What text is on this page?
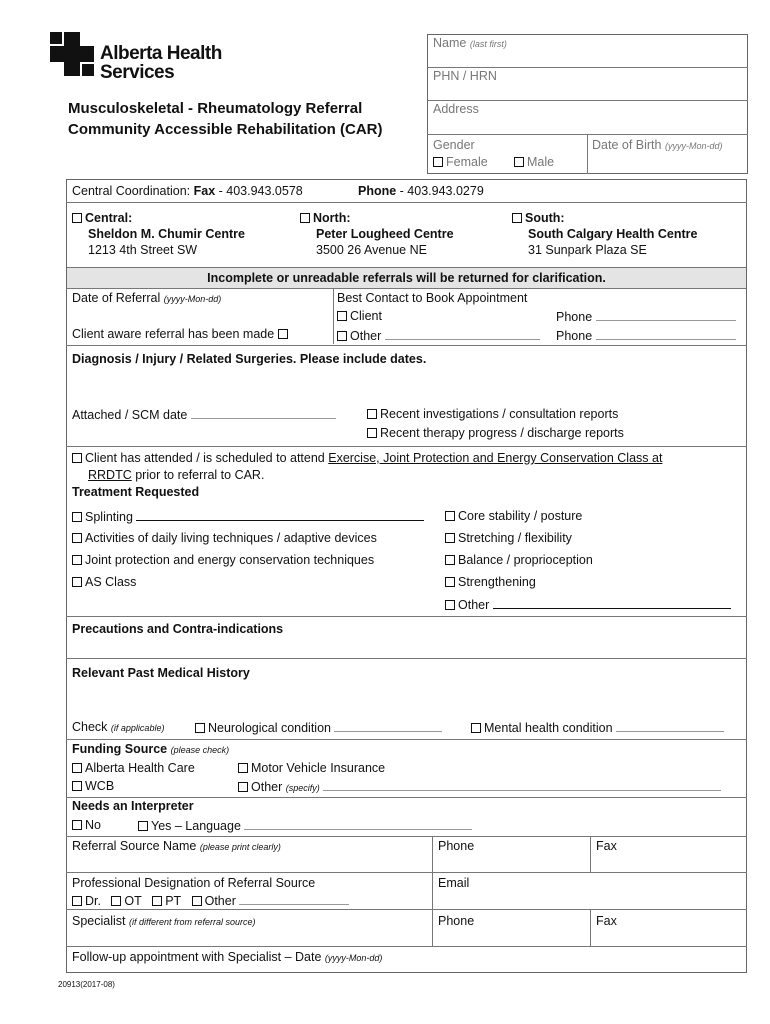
Alberta Health
Services
Musculoskeletal - Rheumatology Referral
Community Accessible Rehabilitation (CAR)
Name (last first)
PHN / HRN
Address
Gender
Female	Male
Date of Birth (yyyy-Mon-dd)
Central Coordination: Fax - 403.943.0578	Phone - 403.943.0279
Central:
Sheldon M. Chumir Centre
1213 4th Street SW
North:
Peter Lougheed Centre
3500 26 Avenue NE
South:
South Calgary Health Centre
31 Sunpark Plaza SE
Incomplete or unreadable referrals will be returned for clarification.
Date of Referral (yyyy-Mon-dd)
Client aware referral has been made
Best Contact to Book Appointment
Client	Phone
Other	Phone
Diagnosis / Injury / Related Surgeries. Please include dates.
Attached / SCM date	Recent investigations / consultation reports
Recent therapy progress / discharge reports
Client has attended / is scheduled to attend Exercise, Joint Protection and Energy Conservation Class at
RRDTC prior to referral to CAR.
Treatment Requested
Splinting
Activities of daily living techniques / adaptive devices
Joint protection and energy conservation techniques
AS Class
Core stability / posture
Stretching / flexibility
Balance / proprioception
Strengthening
Other
Precautions and Contra-indications
Relevant Past Medical History
Check (if applicable)	Neurological condition	Mental health condition
Funding Source (please check)
Alberta Health Care	Motor Vehicle Insurance
WCB	Other (specify)
Needs an Interpreter
No	Yes – Language
Referral Source Name (please print clearly)	Phone	Fax
Professional Designation of Referral Source
Dr. OT PT Other
Email
Specialist (if different from referral source)	Phone	Fax
Follow-up appointment with Specialist – Date (yyyy-Mon-dd)
20913(2017-08)
